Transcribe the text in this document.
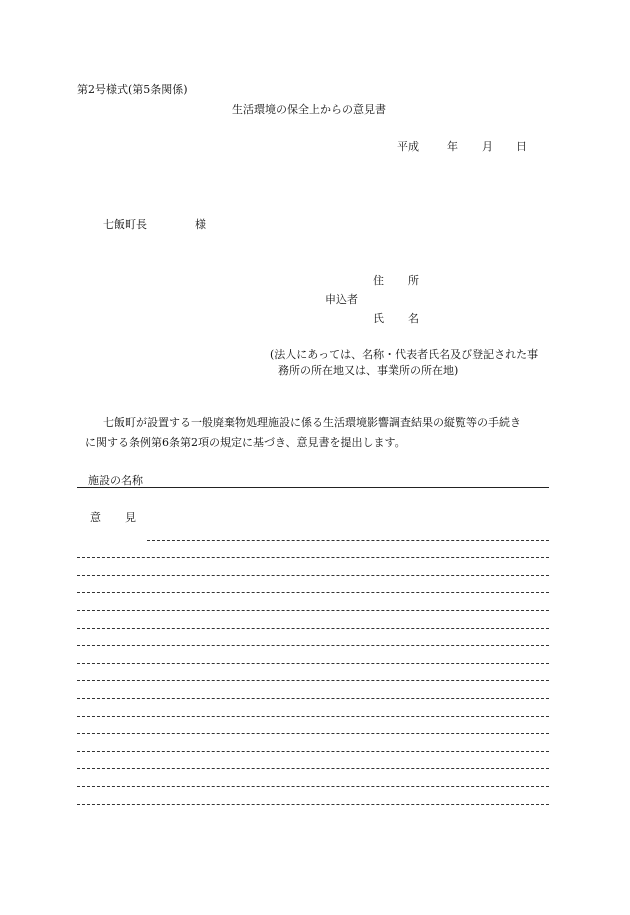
第2号様式(第5条関係)
生活環境の保全上からの意見書
平成	年 月 日
七飯町長	様
住 所
申込者
氏 名
(法人にあっては、名称・代表者氏名及び登記された事
務所の所在地又は、事業所の所在地)
七飯町が設置する一般廃棄物処理施設に係る生活環境影響調査結果の縦覧等の手続き
に関する条例第6条第2項の規定に基づき、意見書を提出します。
施設の名称
意 見
